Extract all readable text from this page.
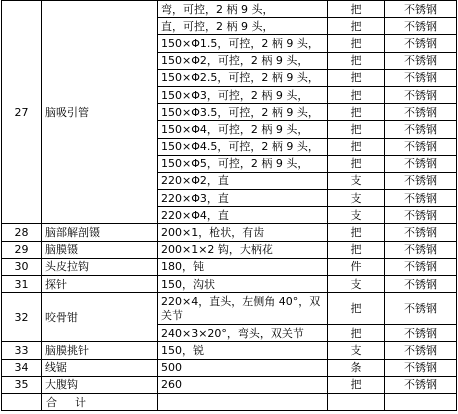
27	脑吸引管	弯，可控，2 柄 9 头，	把	不锈钢
		直，可控，2 柄 9 头，	把	不锈钢
		150×Φ1.5，可控，2 柄 9 头，	把	不锈钢
		150×Φ2，可控，2 柄 9 头，	把	不锈钢
		150×Φ2.5，可控，2 柄 9 头，	把	不锈钢
		150×Φ3，可控，2 柄 9 头，	把	不锈钢
		150×Φ3.5，可控，2 柄 9 头，	把	不锈钢
		150×Φ4，可控，2 柄 9 头，	把	不锈钢
		150×Φ4.5，可控，2 柄 9 头，	把	不锈钢
		150×Φ5，可控，2 柄 9 头，	把	不锈钢
		220×Φ2，直	支	不锈钢
		220×Φ3，直	支	不锈钢
		220×Φ4，直	支	不锈钢
28	脑部解剖镊	200×1，枪状，有齿	把	不锈钢
29	脑膜镊	200×1×2 钩，大柄花	把	不锈钢
30	头皮拉钩	180，钝	件	不锈钢
31	探针	150，沟状	支	不锈钢
32	咬骨钳	220×4，直头，左侧角 40°，双关节	把	不锈钢
		240×3×20°，弯头，双关节	把	不锈钢
33	脑膜挑针	150，锐	支	不锈钢
34	线锯	500	条	不锈钢
35	大腹钩	260	把	不锈钢
	合 计			
